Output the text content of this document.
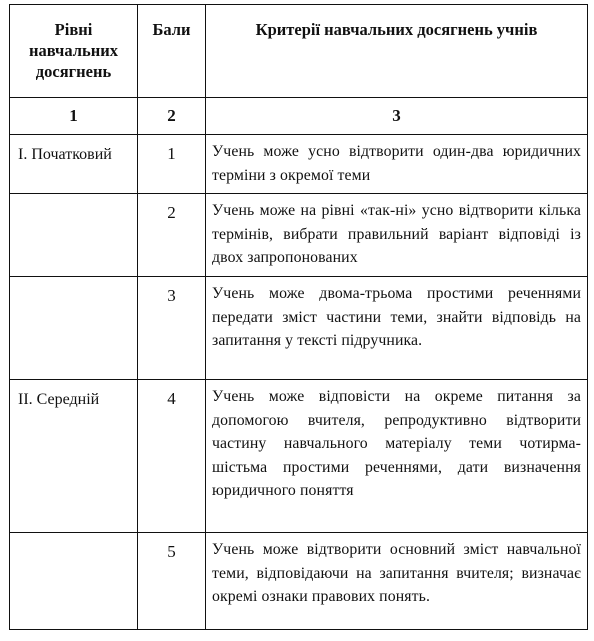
Рівні навчальних досягнень	Бали	Критерії навчальних досягнень учнів
1	2	3
І. Початковий	1	Учень може усно відтворити один-два юридичних терміни з окремої теми
	2	Учень може на рівні «так-ні» усно відтворити кілька термінів, вибрати правильний варіант відповіді із двох запропонованих
	3	Учень може двома-трьома простими реченнями передати зміст частини теми, знайти відповідь на запитання у тексті підручника.
ІІ. Середній	4	Учень може відповісти на окреме питання за допомогою вчителя, репродуктивно відтворити частину навчального матеріалу теми чотирма-шістьма простими реченнями, дати визначення юридичного поняття
	5	Учень може відтворити основний зміст навчальної теми, відповідаючи на запитання вчителя; визначає окремі ознаки правових понять.
